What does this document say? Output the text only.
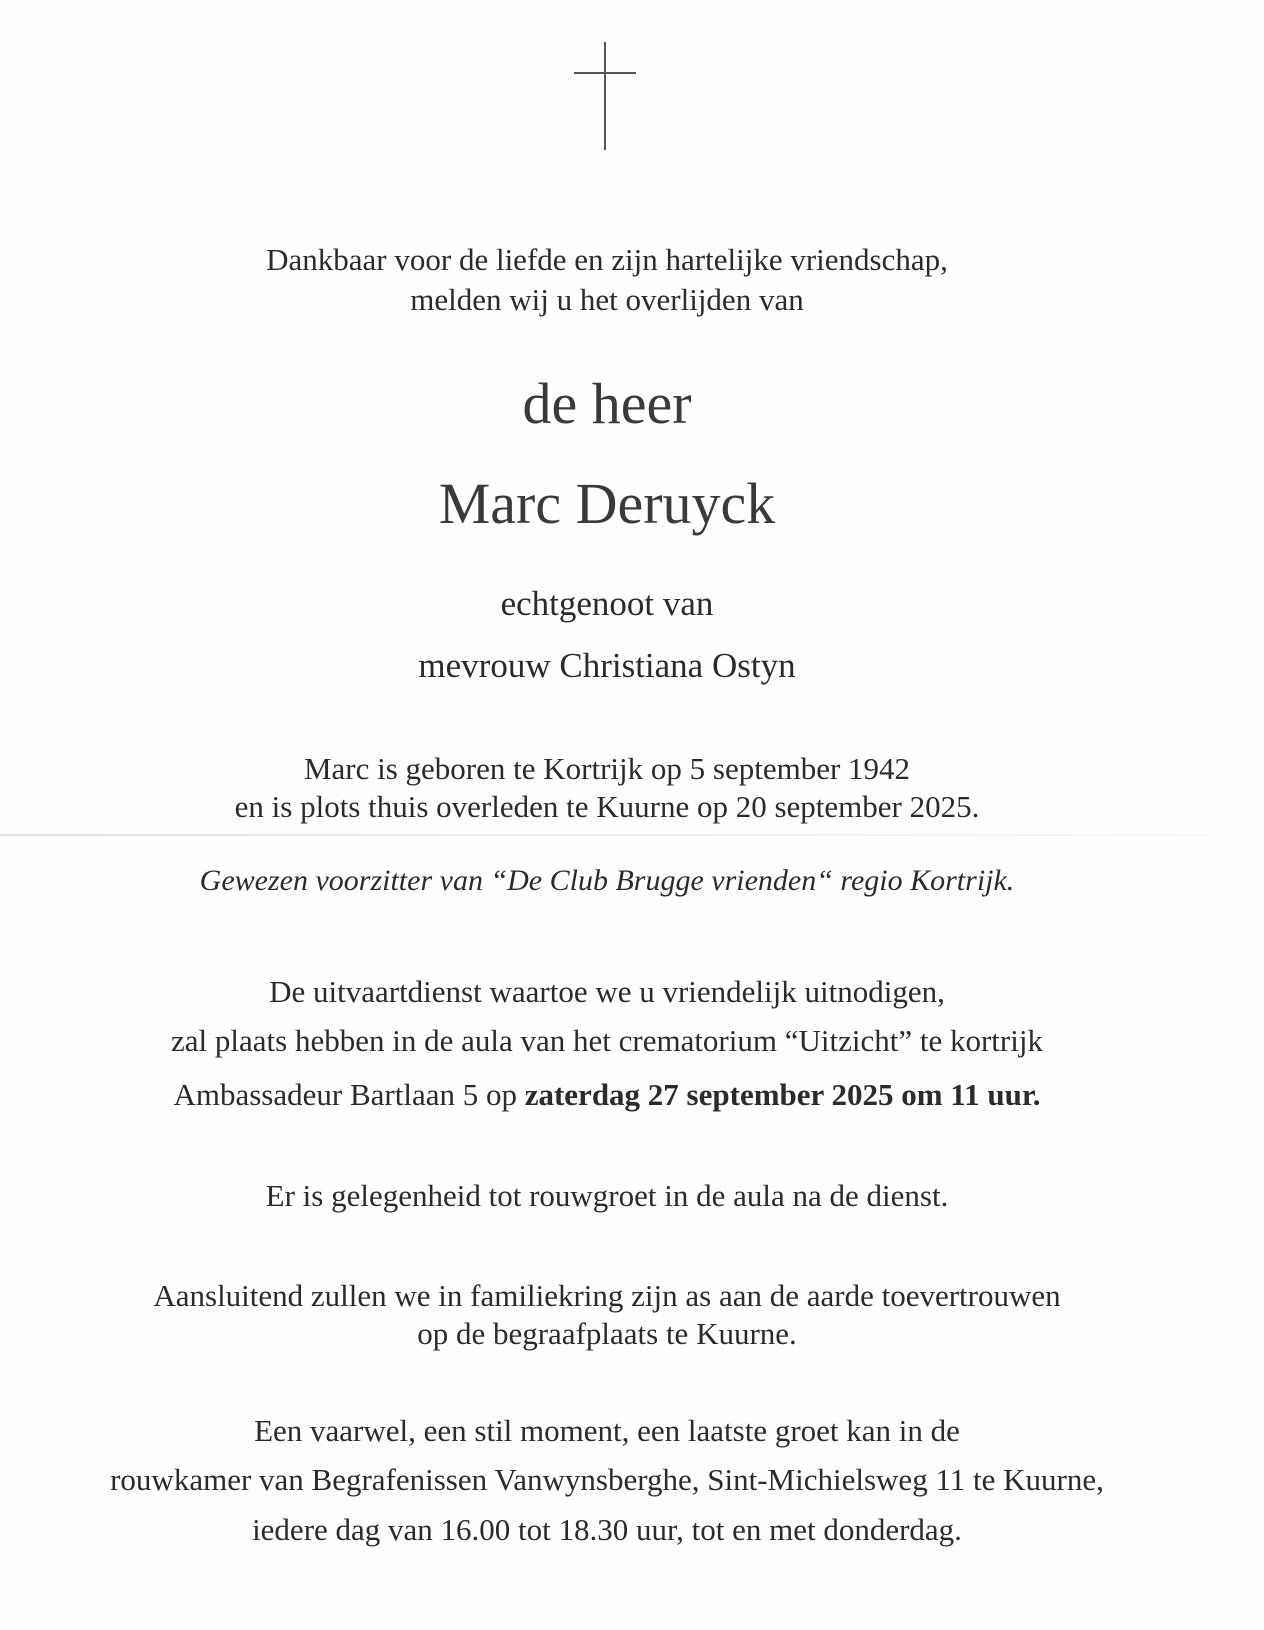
Dankbaar voor de liefde en zijn hartelijke vriendschap,
melden wij u het overlijden van
de heer
Marc Deruyck
echtgenoot van
mevrouw Christiana Ostyn
Marc is geboren te Kortrijk op 5 september 1942
en is plots thuis overleden te Kuurne op 20 september 2025.
Gewezen voorzitter van “De Club Brugge vrienden“ regio Kortrijk.
De uitvaartdienst waartoe we u vriendelijk uitnodigen,
zal plaats hebben in de aula van het crematorium “Uitzicht” te kortrijk
Ambassadeur Bartlaan 5 op zaterdag 27 september 2025 om 11 uur.
Er is gelegenheid tot rouwgroet in de aula na de dienst.
Aansluitend zullen we in familiekring zijn as aan de aarde toevertrouwen
op de begraafplaats te Kuurne.
Een vaarwel, een stil moment, een laatste groet kan in de
rouwkamer van Begrafenissen Vanwynsberghe, Sint-Michielsweg 11 te Kuurne,
iedere dag van 16.00 tot 18.30 uur, tot en met donderdag.
